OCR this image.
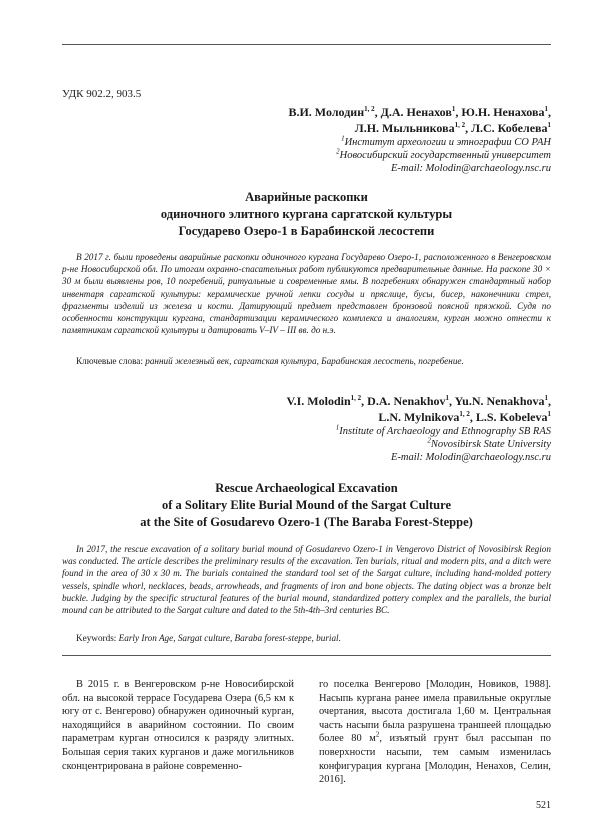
УДК 902.2, 903.5
В.И. Молодин$^{1, 2}$, Д.А. Ненахов$^1$, Ю.Н. Ненахова$^1$,
Л.Н. Мыльникова$^{1, 2}$, Л.С. Кобелева$^1$
$^1$Институт археологии и этнографии СО РАН
$^2$Новосибирский государственный университет
E-mail: Molodin@archaeology.nsc.ru
Аварийные раскопки
одиночного элитного кургана саргатской культуры
Государево Озеро-1 в Барабинской лесостепи
В 2017 г. были проведены аварийные раскопки одиночного кургана Государево Озеро-1, расположенного в Венгеровском р-не Новосибирской обл. По итогам охранно-спасательных работ публикуются предварительные данные. На раскопе 30 × 30 м были выявлены ров, 10 погребений, ритуальные и современные ямы. В погребениях обнаружен стандартный набор инвентаря саргатской культуры: керамические ручной лепки сосуды и пряслице, бусы, бисер, наконечники стрел, фрагменты изделий из железа и кости. Датирующий предмет представлен бронзовой поясной пряжкой. Судя по особенности конструкции кургана, стандартизации керамического комплекса и аналогиям, курган можно отнести к памятникам саргатской культуры и датировать V–IV – III вв. до н.э.
Ключевые слова: ранний железный век, саргатская культура, Барабинская лесостепь, погребение.
V.I. Molodin$^{1, 2}$, D.A. Nenakhov$^1$, Yu.N. Nenakhova$^1$,
L.N. Mylnikova$^{1, 2}$, L.S. Kobeleva$^1$
$^1$Institute of Archaeology and Ethnography SB RAS
$^2$Novosibirsk State University
E-mail: Molodin@archaeology.nsc.ru
Rescue Archaeological Excavation
of a Solitary Elite Burial Mound of the Sargat Culture
at the Site of Gosudarevo Ozero-1 (The Baraba Forest-Steppe)
In 2017, the rescue excavation of a solitary burial mound of Gosudarevo Ozero-1 in Vengerovo District of Novosibirsk Region was conducted. The article describes the preliminary results of the excavation. Ten burials, ritual and modern pits, and a ditch were found in the area of 30 x 30 m. The burials contained the standard tool set of the Sargat culture, including hand-molded pottery vessels, spindle whorl, necklaces, beads, arrowheads, and fragments of iron and bone objects. The dating object was a bronze belt buckle. Judging by the specific structural features of the burial mound, standardized pottery complex and the parallels, the burial mound can be attributed to the Sargat culture and dated to the 5th-4th–3rd centuries BC.
Keywords: Early Iron Age, Sargat culture, Baraba forest-steppe, burial.

В 2015 г. в Венгеровском р-не Новосибирской обл. на высокой террасе Государева Озера (6,5 км к югу от с. Венгерово) обнаружен одиночный курган, находящийся в аварийном состоянии. По своим параметрам курган относился к разряду элитных. Большая серия таких курганов и даже могильников сконцентрирована в районе современно-

го поселка Венгерово [Молодин, Новиков, 1988]. Насыпь кургана ранее имела правильные округлые очертания, высота достигала 1,60 м. Центральная часть насыпи была разрушена траншеей площадью более 80 $м^2$, изъятый грунт был рассыпан по поверхности насыпи, тем самым изменилась конфигурация кургана [Молодин, Ненахов, Селин, 2016].

521
